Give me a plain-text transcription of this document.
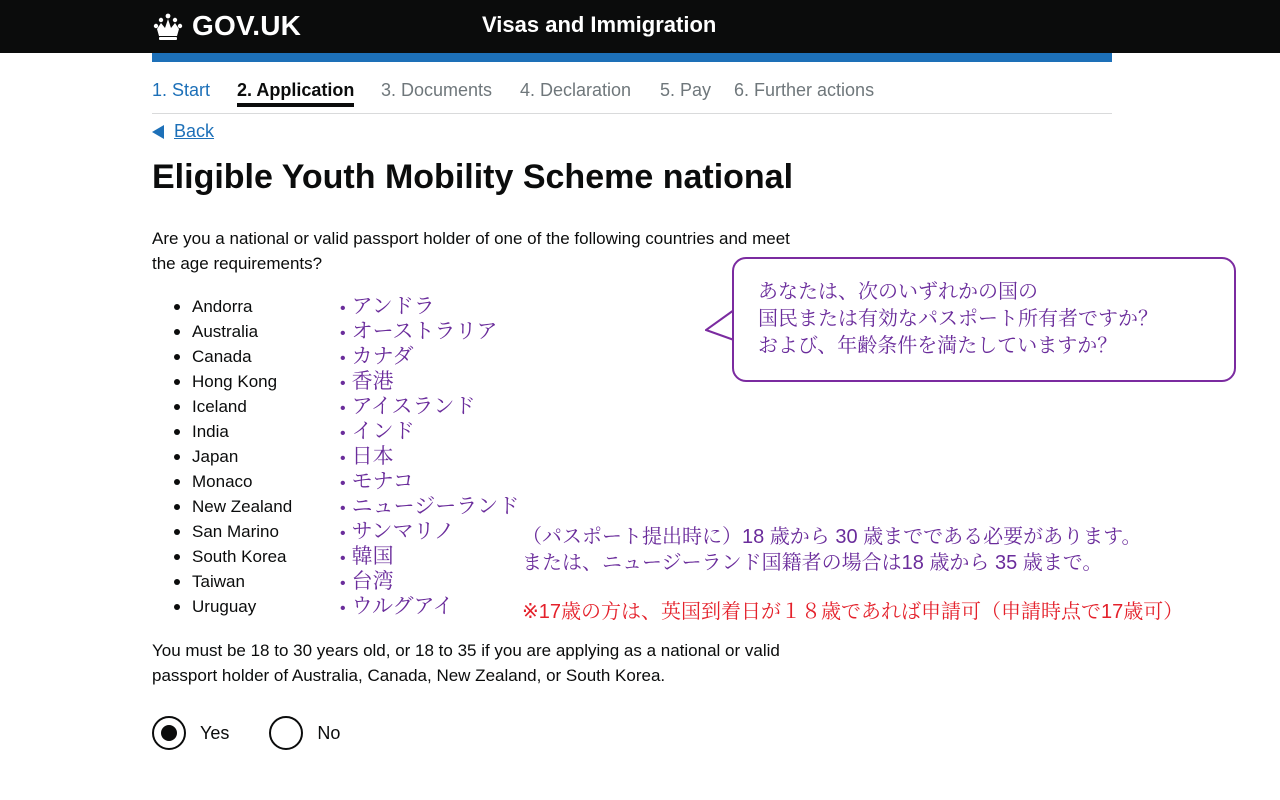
GOV.UK	Visas and Immigration
1. Start 2. Application 3. Documents 4. Declaration 5. Pay 6. Further actions
Back
Eligible Youth Mobility Scheme national

Are you a national or valid passport holder of one of the following countries and meet the age requirements?

Andorra
Australia
Canada
Hong Kong
Iceland
India
Japan
Monaco
New Zealand
San Marino
South Korea
Taiwan
Uruguay
• アンドラ
• オーストラリア
• カナダ
• 香港
• アイスランド
• インド
• 日本
• モナコ
• ニュージーランド
• サンマリノ
• 韓国
• 台湾
• ウルグアイ
あなたは、次のいずれかの国の
国民または有効なパスポート所有者ですか？
および、年齢条件を満たしていますか？
（パスポート提出時に）18 歳から 30 歳までである必要があります。
または、ニュージーランド国籍者の場合は18 歳から 35 歳まで。
※17歳の方は、英国到着日が１８歳であれば申請可（申請時点で17歳可）

You must be 18 to 30 years old, or 18 to 35 if you are applying as a national or valid passport holder of Australia, Canada, New Zealand, or South Korea.

Yes	No
